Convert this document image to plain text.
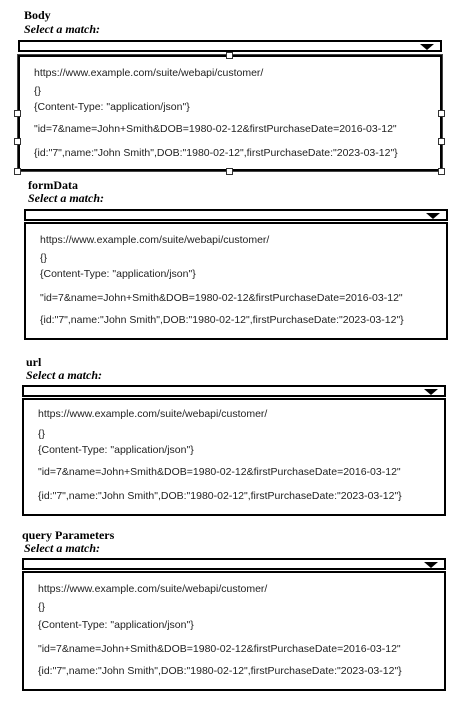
Body
Select a match:
https://www.example.com/suite/webapi/customer/
{}
{Content-Type: "application/json"}
"id=7&name=John+Smith&DOB=1980-02-12&firstPurchaseDate=2016-03-12"
{id:"7",name:"John Smith",DOB:"1980-02-12",firstPurchaseDate:"2023-03-12"}
formData
Select a match:
https://www.example.com/suite/webapi/customer/
{}
{Content-Type: "application/json"}
"id=7&name=John+Smith&DOB=1980-02-12&firstPurchaseDate=2016-03-12"
{id:"7",name:"John Smith",DOB:"1980-02-12",firstPurchaseDate:"2023-03-12"}
url
Select a match:
https://www.example.com/suite/webapi/customer/
{}
{Content-Type: "application/json"}
"id=7&name=John+Smith&DOB=1980-02-12&firstPurchaseDate=2016-03-12"
{id:"7",name:"John Smith",DOB:"1980-02-12",firstPurchaseDate:"2023-03-12"}
query Parameters
Select a match:
https://www.example.com/suite/webapi/customer/
{}
{Content-Type: "application/json"}
"id=7&name=John+Smith&DOB=1980-02-12&firstPurchaseDate=2016-03-12"
{id:"7",name:"John Smith",DOB:"1980-02-12",firstPurchaseDate:"2023-03-12"}
